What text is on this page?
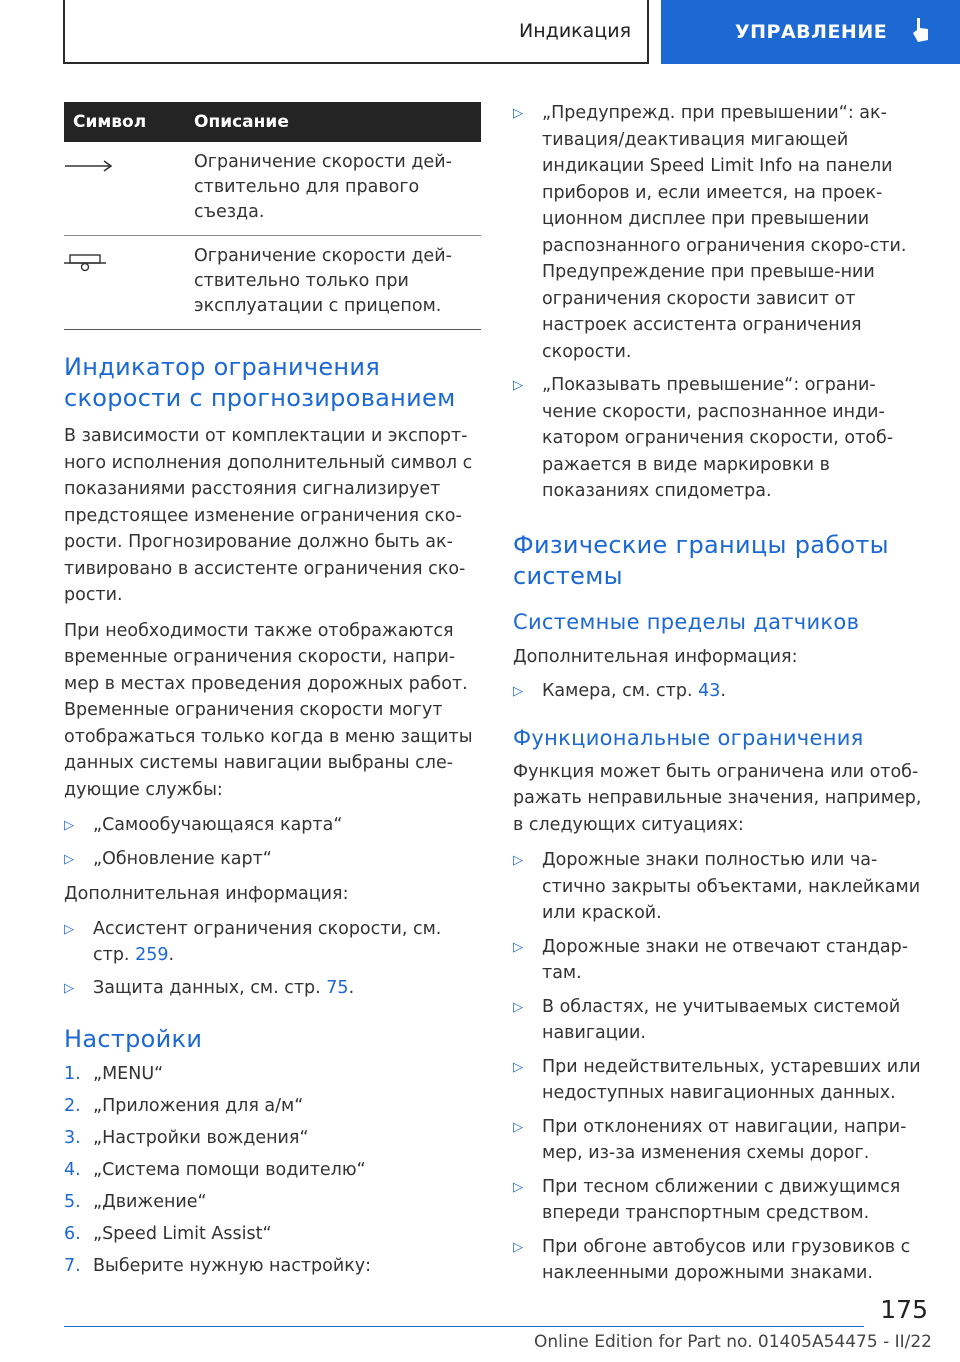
Индикация	УПРАВЛЕНИЕ
Символ	Описание
Ограничение скорости дей-ствительно для правого съезда.
Ограничение скорости дей-ствительно только при эксплуатации с прицепом.
Индикатор ограничения скорости с прогнозированием

В зависимости от комплектации и экспорт-ного исполнения дополнительный символ с показаниями расстояния сигнализирует предстоящее изменение ограничения ско-рости. Прогнозирование должно быть ак-тивировано в ассистенте ограничения ско-рости.

При необходимости также отображаются временные ограничения скорости, напри-мер в местах проведения дорожных работ. Временные ограничения скорости могут отображаться только когда в меню защиты данных системы навигации выбраны сле-дующие службы:

▷	„Самообучающаяся карта“
▷	„Обновление карт“

Дополнительная информация:

▷	Ассистент ограничения скорости, см. стр. 259.
▷	Защита данных, см. стр. 75.
Настройки
1. „MENU“
2. „Приложения для а/м“
3. „Настройки вождения“
4. „Система помощи водителю“
5. „Движение“
6. „Speed Limit Assist“
7. Выберите нужную настройку:
▷	„Предупрежд. при превышении“: ак-тивация/деактивация мигающей индикации Speed Limit Info на панели приборов и, если имеется, на проек-ционном дисплее при превышении распознанного ограничения скоро-сти. Предупреждение при превыше-нии ограничения скорости зависит от настроек ассистента ограничения скорости.
▷	„Показывать превышение“: ограни-чение скорости, распознанное инди-катором ограничения скорости, отоб-ражается в виде маркировки в показаниях спидометра.
Физические границы работы системы
Системные пределы датчиков

Дополнительная информация:

▷	Камера, см. стр. 43.
Функциональные ограничения

Функция может быть ограничена или отоб-ражать неправильные значения, например, в следующих ситуациях:

▷	Дорожные знаки полностью или ча-стично закрыты объектами, наклейками или краской.
▷	Дорожные знаки не отвечают стандар-там.
▷	В областях, не учитываемых системой навигации.
▷	При недействительных, устаревших или недоступных навигационных данных.
▷	При отклонениях от навигации, напри-мер, из-за изменения схемы дорог.
▷	При тесном сближении с движущимся впереди транспортным средством.
▷	При обгоне автобусов или грузовиков с наклеенными дорожными знаками.
175
Online Edition for Part no. 01405A54475 - II/22
